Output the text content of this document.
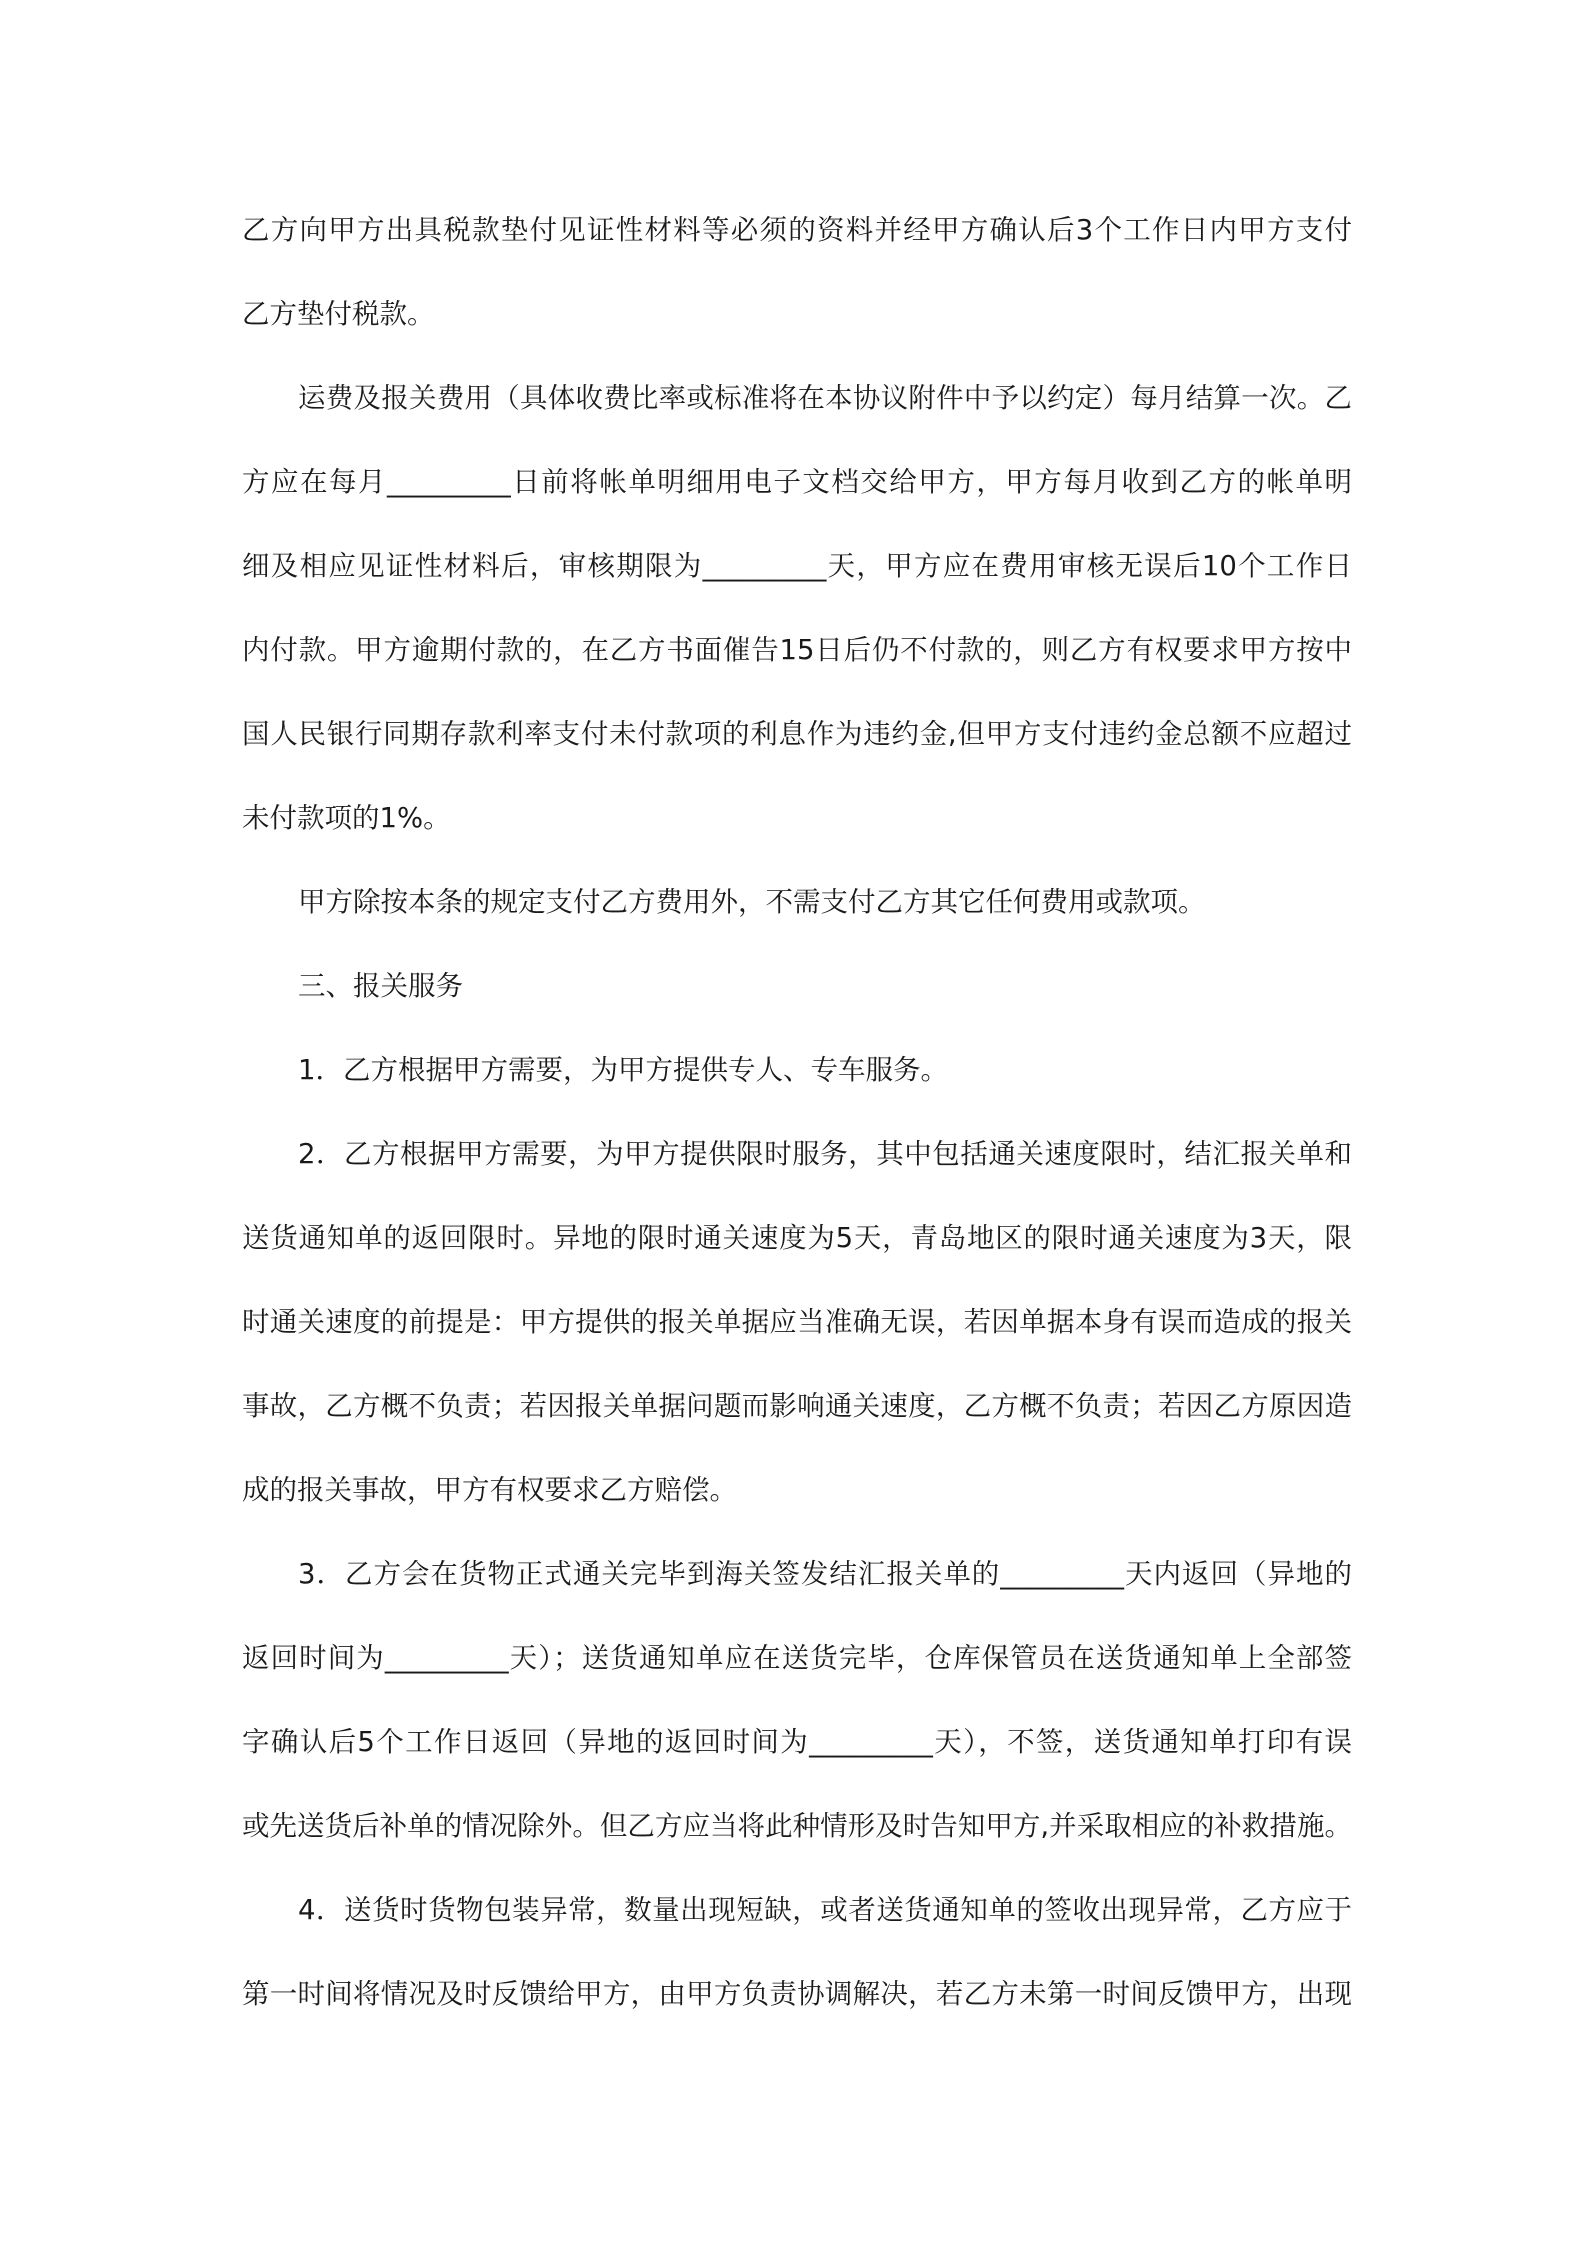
乙方向甲方出具税款垫付见证性材料等必须的资料并经甲方确认后3个工作日内甲方支付
乙方垫付税款。
运费及报关费用（具体收费比率或标准将在本协议附件中予以约定）每月结算一次。乙
方应在每月_________日前将帐单明细用电子文档交给甲方，甲方每月收到乙方的帐单明
细及相应见证性材料后，审核期限为_________天，甲方应在费用审核无误后10个工作日
内付款。甲方逾期付款的，在乙方书面催告15日后仍不付款的，则乙方有权要求甲方按中
国人民银行同期存款利率支付未付款项的利息作为违约金,但甲方支付违约金总额不应超过
未付款项的1%。
甲方除按本条的规定支付乙方费用外，不需支付乙方其它任何费用或款项。
三、报关服务
1．乙方根据甲方需要，为甲方提供专人、专车服务。
2．乙方根据甲方需要，为甲方提供限时服务，其中包括通关速度限时，结汇报关单和
送货通知单的返回限时。异地的限时通关速度为5天，青岛地区的限时通关速度为3天，限
时通关速度的前提是：甲方提供的报关单据应当准确无误，若因单据本身有误而造成的报关
事故，乙方概不负责；若因报关单据问题而影响通关速度，乙方概不负责；若因乙方原因造
成的报关事故，甲方有权要求乙方赔偿。
3．乙方会在货物正式通关完毕到海关签发结汇报关单的_________天内返回（异地的
返回时间为_________天）；送货通知单应在送货完毕，仓库保管员在送货通知单上全部签
字确认后5个工作日返回（异地的返回时间为_________天），不签，送货通知单打印有误
或先送货后补单的情况除外。但乙方应当将此种情形及时告知甲方,并采取相应的补救措施。
4．送货时货物包装异常，数量出现短缺，或者送货通知单的签收出现异常，乙方应于
第一时间将情况及时反馈给甲方，由甲方负责协调解决，若乙方未第一时间反馈甲方，出现
